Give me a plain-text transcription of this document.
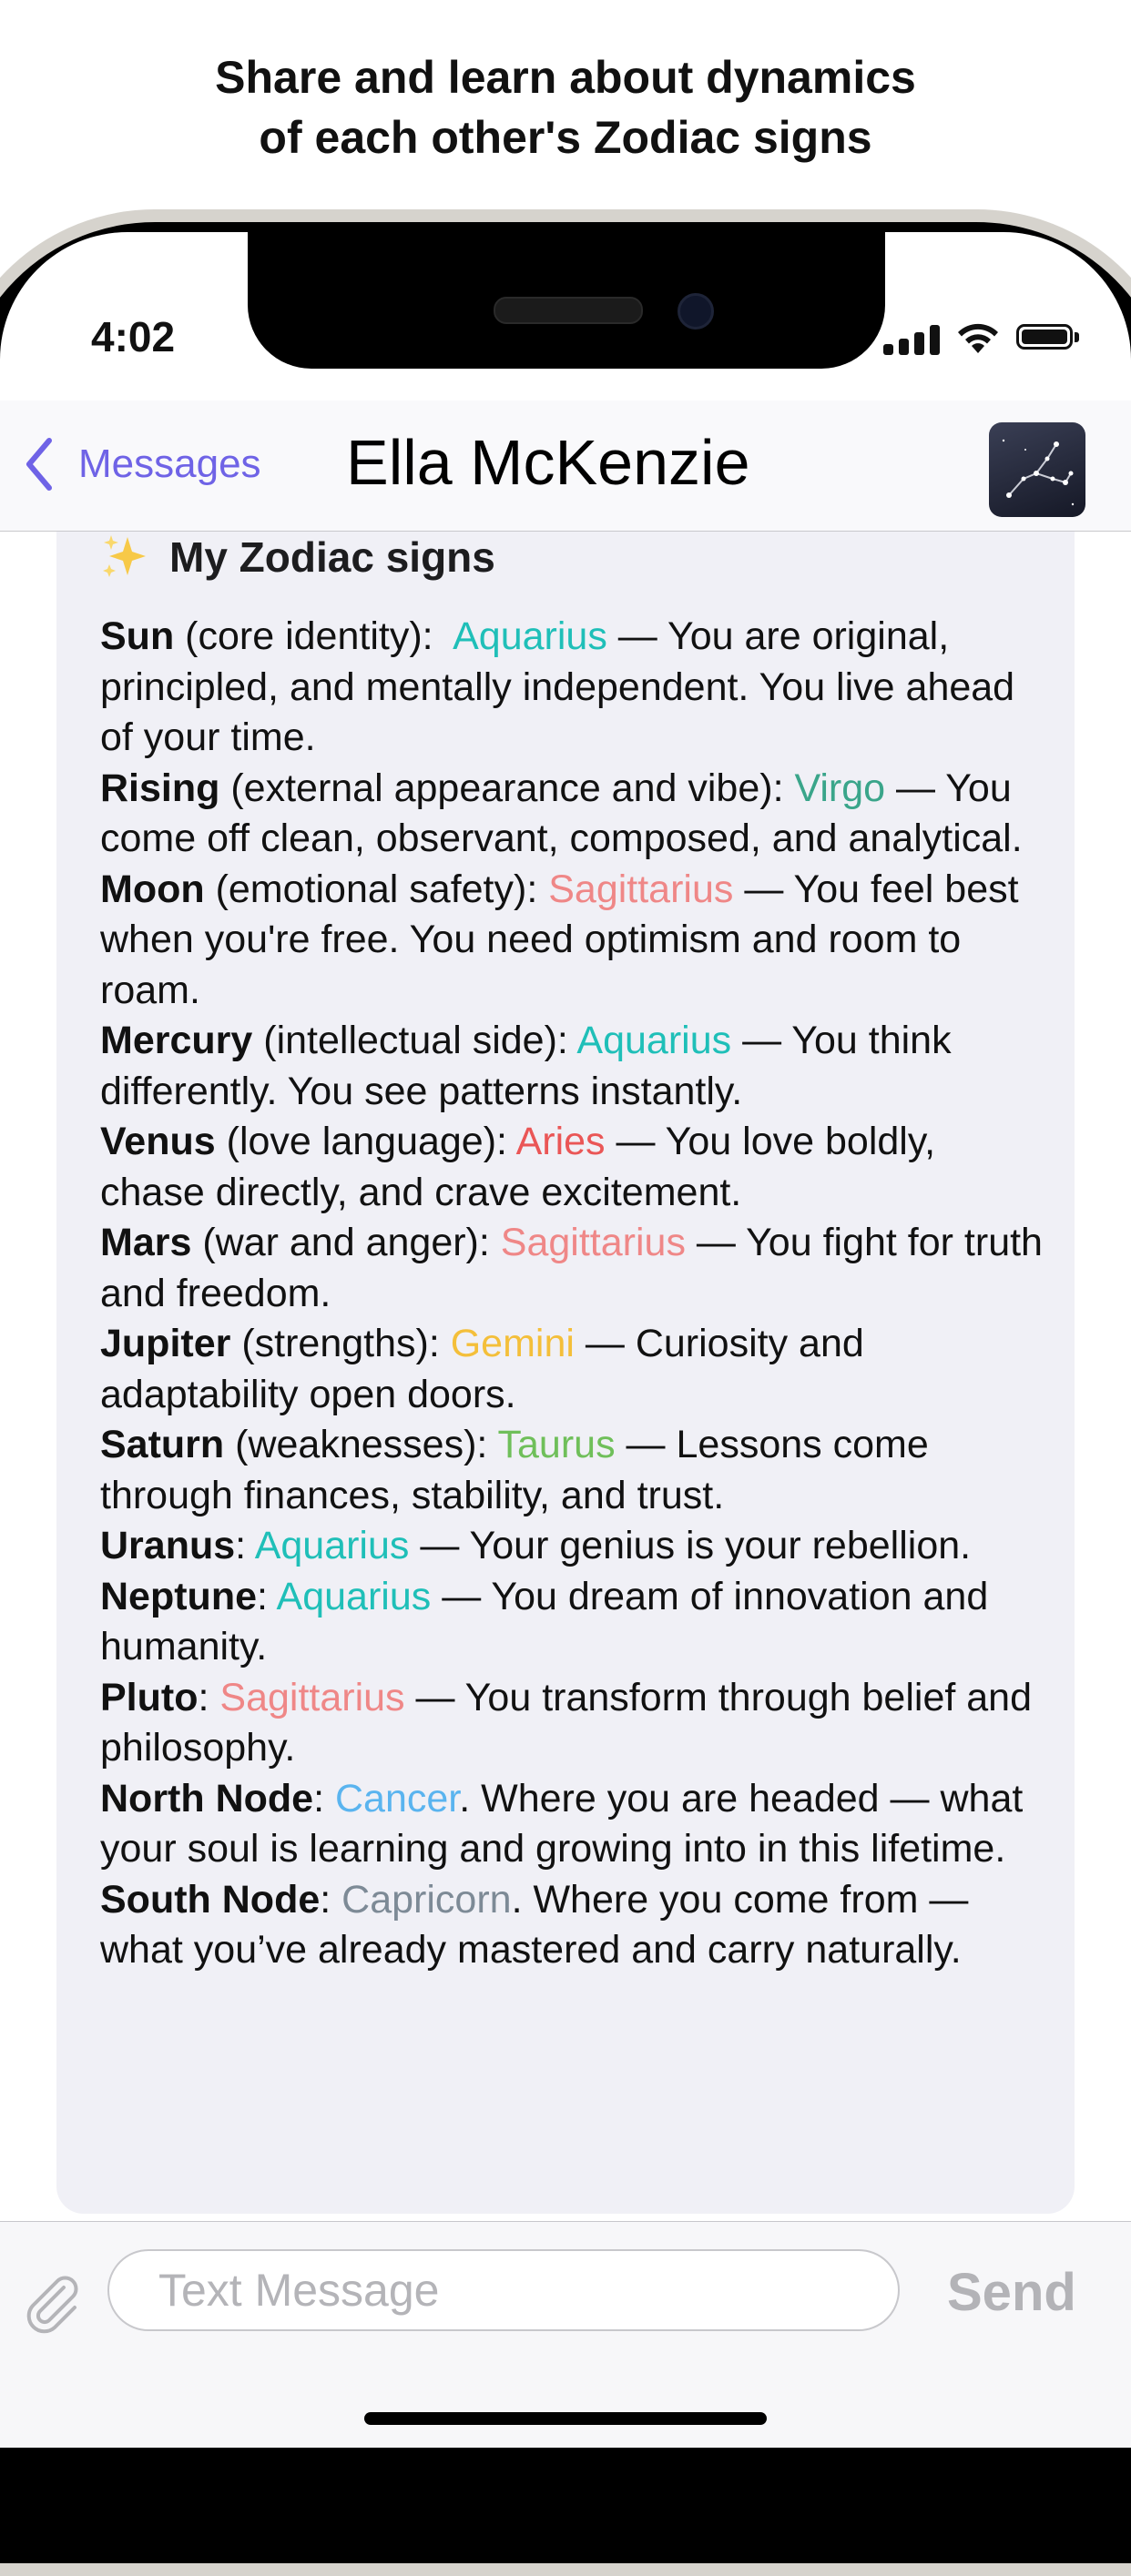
Share and learn about dynamics
of each other's Zodiac signs
4:02
Messages Ella McKenzie
My Zodiac signs

Sun (core identity):  Aquarius — You are original, principled, and mentally independent. You live ahead of your time.

Rising (external appearance and vibe): Virgo — You come off clean, observant, composed, and analytical.

Moon (emotional safety): Sagittarius — You feel best when you're free. You need optimism and room to roam.

Mercury (intellectual side): Aquarius — You think differently. You see patterns instantly.

Venus (love language): Aries — You love boldly, chase directly, and crave excitement.

Mars (war and anger): Sagittarius — You fight for truth and freedom.

Jupiter (strengths): Gemini — Curiosity and adaptability open doors.

Saturn (weaknesses): Taurus — Lessons come through finances, stability, and trust.

Uranus: Aquarius — Your genius is your rebellion.

Neptune: Aquarius — You dream of innovation and humanity.

Pluto: Sagittarius — You transform through belief and philosophy.

North Node: Cancer. Where you are headed — what your soul is learning and growing into in this lifetime.

South Node: Capricorn. Where you come from — what you’ve already mastered and carry naturally.

Text Message
Send
